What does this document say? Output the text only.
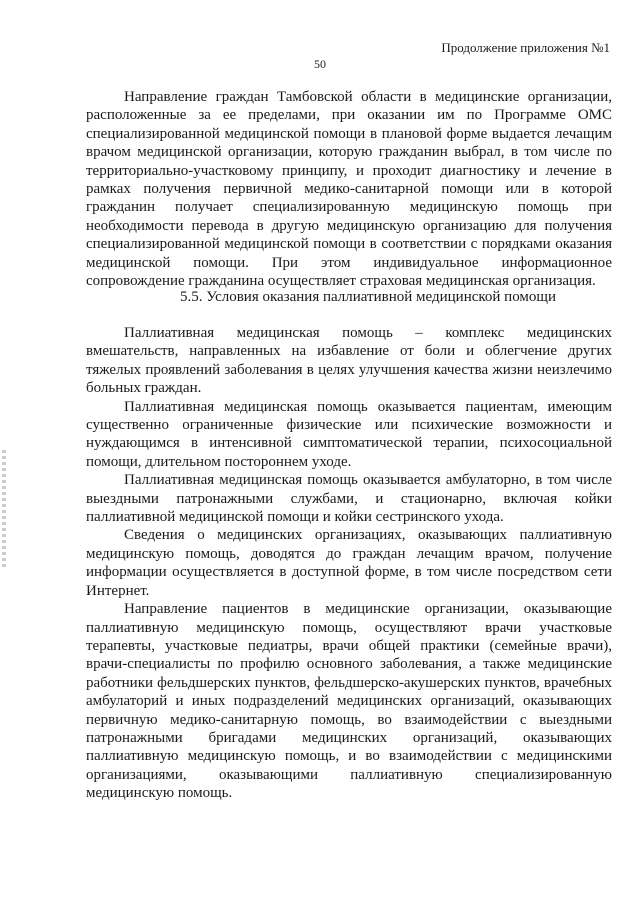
Продолжение приложения №1
50

Направление граждан Тамбовской области в медицинские организации, расположенные за ее пределами, при оказании им по Программе ОМС специализированной медицинской помощи в плановой форме выдается лечащим врачом медицинской организации, которую гражданин выбрал, в том числе по территориально-участковому принципу, и проходит диагностику и лечение в рамках получения первичной медико-санитарной помощи или в которой гражданин получает специализированную медицинскую помощь при необходимости перевода в другую медицинскую организацию для получения специализированной медицинской помощи в соответствии с порядками оказания медицинской помощи. При этом индивидуальное информационное сопровождение гражданина осуществляет страховая медицинская организация.

5.5. Условия оказания паллиативной медицинской помощи

Паллиативная медицинская помощь – комплекс медицинских вмешательств, направленных на избавление от боли и облегчение других тяжелых проявлений заболевания в целях улучшения качества жизни неизлечимо больных граждан.

Паллиативная медицинская помощь оказывается пациентам, имеющим существенно ограниченные физические или психические возможности и нуждающимся в интенсивной симптоматической терапии, психосоциальной помощи, длительном постороннем уходе.

Паллиативная медицинская помощь оказывается амбулаторно, в том числе выездными патронажными службами, и стационарно, включая койки паллиативной медицинской помощи и койки сестринского ухода.

Сведения о медицинских организациях, оказывающих паллиативную медицинскую помощь, доводятся до граждан лечащим врачом, получение информации осуществляется в доступной форме, в том числе посредством сети Интернет.

Направление пациентов в медицинские организации, оказывающие паллиативную медицинскую помощь, осуществляют врачи участковые терапевты, участковые педиатры, врачи общей практики (семейные врачи), врачи-специалисты по профилю основного заболевания, а также медицинские работники фельдшерских пунктов, фельдшерско-акушерских пунктов, врачебных амбулаторий и иных подразделений медицинских организаций, оказывающих первичную медико-санитарную помощь, во взаимодействии с выездными патронажными бригадами медицинских организаций, оказывающих паллиативную медицинскую помощь, и во взаимодействии с медицинскими организациями, оказывающими паллиативную специализированную медицинскую помощь.
